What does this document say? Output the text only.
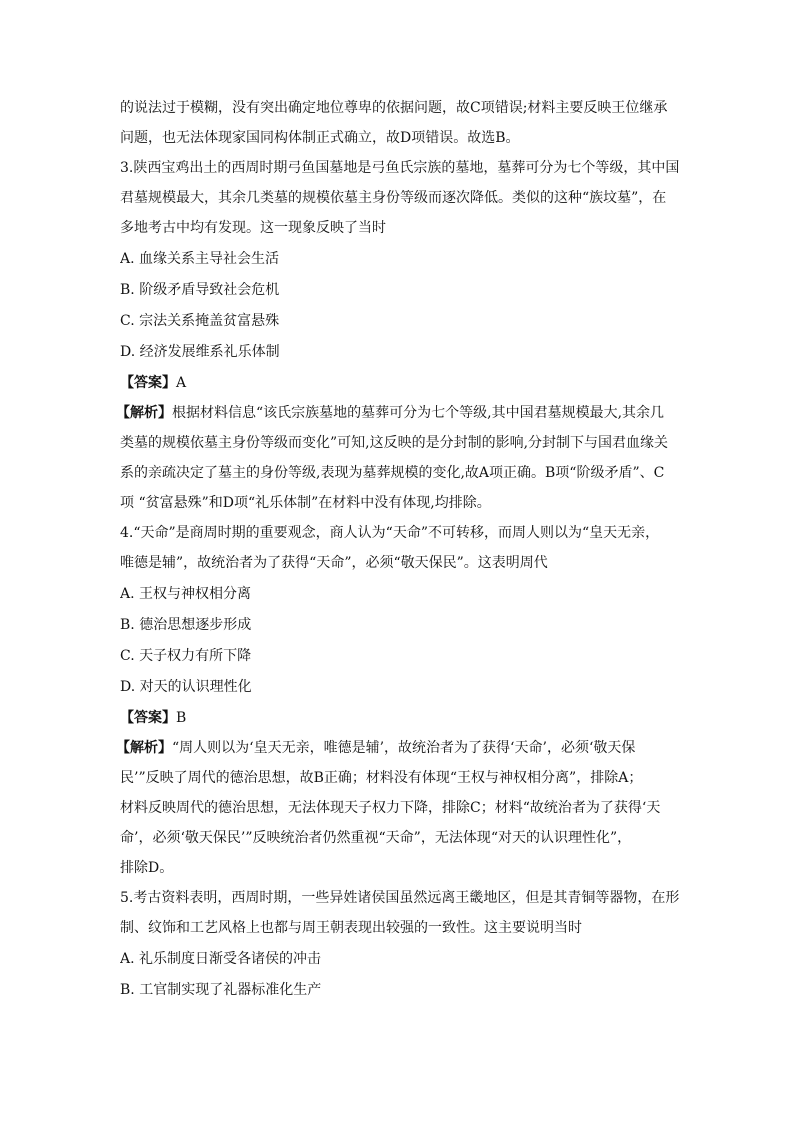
的说法过于模糊，没有突出确定地位尊卑的依据问题，故C项错误;材料主要反映王位继承

问题，也无法体现家国同构体制正式确立，故D项错误。故选B。

3.陕西宝鸡出土的西周时期弓鱼国墓地是弓鱼氏宗族的墓地，墓葬可分为七个等级，其中国

君墓规模最大，其余几类墓的规模依墓主身份等级而逐次降低。类似的这种“族坟墓”，在

多地考古中均有发现。这一现象反映了当时

A. 血缘关系主导社会生活

B. 阶级矛盾导致社会危机

C. 宗法关系掩盖贫富悬殊

D. 经济发展维系礼乐体制

【答案】A

【解析】根据材料信息“该氏宗族墓地的墓葬可分为七个等级,其中国君墓规模最大,其余几

类墓的规模依墓主身份等级而变化”可知,这反映的是分封制的影响,分封制下与国君血缘关

系的亲疏决定了墓主的身份等级,表现为墓葬规模的变化,故A项正确。B项“阶级矛盾”、C

项 “贫富悬殊”和D项“礼乐体制”在材料中没有体现,均排除。

4.“天命”是商周时期的重要观念，商人认为“天命”不可转移，而周人则以为“皇天无亲，

唯德是辅”，故统治者为了获得“天命”，必须“敬天保民”。这表明周代

A. 王权与神权相分离

B. 德治思想逐步形成

C. 天子权力有所下降

D. 对天的认识理性化

【答案】B

【解析】“周人则以为‘皇天无亲，唯德是辅’，故统治者为了获得‘天命’，必须‘敬天保

民’”反映了周代的德治思想，故B正确；材料没有体现“王权与神权相分离”，排除A；

材料反映周代的德治思想，无法体现天子权力下降，排除C；材料“故统治者为了获得‘天

命’，必须‘敬天保民’”反映统治者仍然重视“天命”，无法体现“对天的认识理性化”，

排除D。

5.考古资料表明，西周时期，一些异姓诸侯国虽然远离王畿地区，但是其青铜等器物，在形

制、纹饰和工艺风格上也都与周王朝表现出较强的一致性。这主要说明当时

A. 礼乐制度日渐受各诸侯的冲击

B. 工官制实现了礼器标准化生产
